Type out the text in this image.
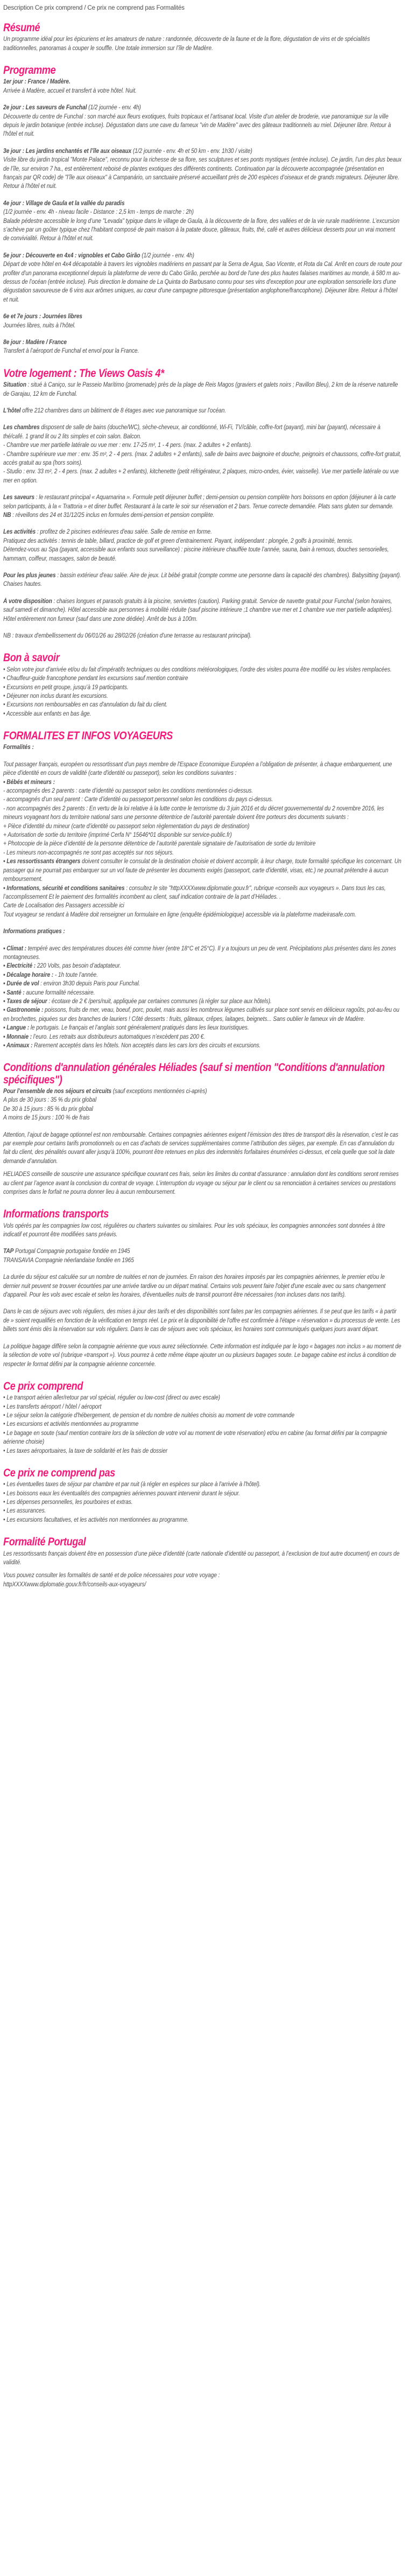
Description Ce prix comprend / Ce prix ne comprend pas Formalités
Résumé

Un programme idéal pour les épicuriens et les amateurs de nature : randonnée, découverte de la faune et de la flore, dégustation de vins et de spécialités traditionnelles, panoramas à couper le souffle. Une totale immersion sur l’île de Madère.

Programme

1er jour : France / Madère.

Arrivée à Madère, accueil et transfert à votre hôtel. Nuit.

2e jour : Les saveurs de Funchal (1/2 journée - env. 4h)

Découverte du centre de Funchal : son marché aux fleurs exotiques, fruits tropicaux et l’artisanat local. Visite d’un atelier de broderie, vue panoramique sur la ville depuis le jardin botanique (entrée incluse). Dégustation dans une cave du fameux "vin de Madère" avec des gâteaux traditionnels au miel. Déjeuner libre. Retour à l'hôtel et nuit.

3e jour : Les jardins enchantés et l’île aux oiseaux (1/2 journée - env. 4h et 50 km - env. 1h30 / visite)

Visite libre du jardin tropical "Monte Palace", reconnu pour la richesse de sa flore, ses sculptures et ses ponts mystiques (entrée incluse). Ce jardin, l’un des plus beaux de l’île, sur environ 7 ha., est entièrement reboisé de plantes exotiques des différents continents. Continuation par la découverte accompagnée (présentation en français par QR code) de "l’île aux oiseaux" à Campanário, un sanctuaire préservé accueillant près de 200 espèces d’oiseaux et de grands migrateurs. Déjeuner libre. Retour à l'hôtel et nuit.

4e jour : Village de Gaula et la vallée du paradis

(1/2 journée - env. 4h - niveau facile - Distance : 2,5 km - temps de marche : 2h)

Balade pédestre accessible le long d’une "Levada" typique dans le village de Gaula, à la découverte de la flore, des vallées et de la vie rurale madérienne. L’excursion s’achève par un goûter typique chez l’habitant composé de pain maison à la patate douce, gâteaux, fruits, thé, café et autres délicieux desserts pour un vrai moment de convivialité. Retour à l'hôtel et nuit.

5e jour : Découverte en 4x4 : vignobles et Cabo Girão (1/2 journée - env. 4h)

Départ de votre hôtel en 4x4 décapotable à travers les vignobles madériens en passant par la Serra de Agua, Sao Vicente, et Rota da Cal. Arrêt en cours de route pour profiter d'un panorama exceptionnel depuis la plateforme de verre du Cabo Girão, perchée au bord de l'une des plus hautes falaises maritimes au monde, à 580 m au-dessus de l’océan (entrée incluse). Puis direction le domaine de La Quinta do Barbusano connu pour ses vins d'exception pour une exploration sensorielle lors d'une dégustation savoureuse de 6 vins aux arômes uniques, au cœur d'une campagne pittoresque (présentation anglophone/francophone). Déjeuner libre. Retour à l'hôtel et nuit.

6e et 7e jours : Journées libres

Journées libres, nuits à l’hôtel.

8e jour : Madère / France

Transfert à l’aéroport de Funchal et envol pour la France.

Votre logement : The Views Oasis 4*

Situation : situé à Caniço, sur le Passeio Marítimo (promenade) près de la plage de Reis Magos (graviers et galets noirs ; Pavillon Bleu), 2 km de la réserve naturelle de Garajau, 12 km de Funchal.

L'hôtel offre 212 chambres dans un bâtiment de 8 étages avec vue panoramique sur l'océan.

Les chambres disposent de salle de bains (douche/WC), sèche-cheveux, air conditionné, Wi-Fi, TV/câble, coffre-fort (payant), mini bar (payant), nécessaire à thé/café. 1 grand lit ou 2 lits simples et coin salon. Balcon.

- Chambre vue mer partielle latérale ou vue mer : env. 17-25 m², 1 - 4 pers. (max. 2 adultes + 2 enfants).

- Chambre supérieure vue mer : env. 35 m², 2 - 4 pers. (max. 2 adultes + 2 enfants), salle de bains avec baignoire et douche, peignoirs et chaussons, coffre-fort gratuit, accès gratuit au spa (hors soins).

- Studio : env. 33 m², 2 - 4 pers. (max. 2 adultes + 2 enfants), kitchenette (petit réfrigérateur, 2 plaques, micro-ondes, évier, vaisselle). Vue mer partielle latérale ou vue mer en option.

Les saveurs : le restaurant principal « Aquamarina ». Formule petit déjeuner buffet ; demi-pension ou pension complète hors boissons en option (déjeuner à la carte selon participants, à la « Trattoria » et diner buffet. Restaurant à la carte le soir sur réservation et 2 bars. Tenue correcte demandée. Plats sans gluten sur demande.

NB : réveillons des 24 et 31/12/25 inclus en formules demi-pension et pension complète.

Les activités : profitez de 2 piscines extérieures d'eau salée. Salle de remise en forme.

Pratiquez des activités : tennis de table, billard, practice de golf et green d’entrainement. Payant, indépendant : plongée, 2 golfs à proximité, tennis.

Détendez-vous au Spa (payant, accessible aux enfants sous surveillance) : piscine intérieure chauffée toute l’année, sauna, bain à remous, douches sensorielles, hammam, coiffeur, massages, salon de beauté.

Pour les plus jeunes : bassin extérieur d'eau salée. Aire de jeux. Lit bébé gratuit (compte comme une personne dans la capacité des chambres). Babysitting (payant). Chaises hautes.

À votre disposition : chaises longues et parasols gratuits à la piscine, serviettes (caution). Parking gratuit. Service de navette gratuit pour Funchal (selon horaires, sauf samedi et dimanche). Hôtel accessible aux personnes à mobilité réduite (sauf piscine intérieure ;1 chambre vue mer et 1 chambre vue mer partielle adaptées). Hôtel entièrement non fumeur (sauf dans une zone dédiée). Arrêt de bus à 100m.

NB : travaux d'embellissement du 06/01/26 au 28/02/26 (création d'une terrasse au restaurant principal).

Bon à savoir

• Selon votre jour d’arrivée et/ou du fait d’impératifs techniques ou des conditions météorologiques, l’ordre des visites pourra être modifié ou les visites remplacées.

• Chauffeur-guide francophone pendant les excursions sauf mention contraire

• Excursions en petit groupe, jusqu’à 19 participants.

• Déjeuner non inclus durant les excursions.

• Excursions non remboursables en cas d'annulation du fait du client.

• Accessible aux enfants en bas âge.

FORMALITES ET INFOS VOYAGEURS

Formalités :

Tout passager français, européen ou ressortissant d'un pays membre de l'Espace Economique Européen a l’obligation de présenter, à chaque embarquement, une pièce d'identité en cours de validité (carte d'identité ou passeport), selon les conditions suivantes :

• Bébés et mineurs :

- accompagnés des 2 parents : carte d’identité ou passeport selon les conditions mentionnées ci-dessus.

- accompagnés d’un seul parent : Carte d’identité ou passeport personnel selon les conditions du pays ci-dessus.

- non accompagnés des 2 parents : En vertu de la loi relative à la lutte contre le terrorisme du 3 juin 2016 et du décret gouvernemental du 2 novembre 2016, les mineurs voyageant hors du territoire national sans une personne détentrice de l’autorité parentale doivent être porteurs des documents suivants :

+ Pièce d’identité du mineur (carte d’identité ou passeport selon règlementation du pays de destination)

+ Autorisation de sortie du territoire (imprimé Cerfa N° 15646*01 disponible sur service-public.fr)

+ Photocopie de la pièce d’identité de la personne détentrice de l’autorité parentale signataire de l’autorisation de sortie du territoire

- Les mineurs non-accompagnés ne sont pas acceptés sur nos séjours.

• Les ressortissants étrangers doivent consulter le consulat de la destination choisie et doivent accomplir, à leur charge, toute formalité spécifique les concernant. Un passager qui ne pourrait pas embarquer sur un vol faute de présenter les documents exigés (passeport, carte d'identité, visas, etc.) ne pourrait prétendre à aucun remboursement.

• Informations, sécurité et conditions sanitaires : consultez le site "httpXXXXwww.diplomatie.gouv.fr", rubrique «conseils aux voyageurs ». Dans tous les cas, l’accomplissement Et le paiement des formalités incombent au client, sauf indication contraire de la part d’Héliades. .

Carte de Localisation des Passagers accessible ici

Tout voyageur se rendant à Madère doit renseigner un formulaire en ligne (enquête épidémiologique) accessible via la plateforme madeirasafe.com.

Informations pratiques :

• Climat : tempéré avec des températures douces été comme hiver (entre 18°C et 25°C). Il y a toujours un peu de vent. Précipitations plus présentes dans les zones montagneuses.

• Electricité : 220 Volts, pas besoin d’adaptateur.

• Décalage horaire : - 1h toute l’année.

• Durée de vol : environ 3h30 depuis Paris pour Funchal.

• Santé : aucune formalité nécessaire.

• Taxes de séjour : écotaxe de 2 € /pers/nuit, appliquée par certaines communes (à régler sur place aux hôtels).

• Gastronomie : poissons, fruits de mer, veau, boeuf, porc, poulet, mais aussi les nombreux légumes cultivés sur place sont servis en délicieux ragoûts, pot-au-feu ou en brochettes, piquées sur des branches de lauriers ! Côté desserts : fruits, gâteaux, crêpes, laitages, beignets... Sans oublier le fameux vin de Madère.

• Langue : le portugais. Le français et l’anglais sont généralement pratiqués dans les lieux touristiques.

• Monnaie : l’euro. Les retraits aux distributeurs automatiques n’excèdent pas 200 €.

• Animaux : Rarement acceptés dans les hôtels. Non acceptés dans les cars lors des circuits et excursions.

Conditions d'annulation générales Héliades (sauf si mention "Conditions d'annulation spécifiques")

Pour l’ensemble de nos séjours et circuits (sauf exceptions mentionnées ci-après)

A plus de 30 jours : 35 % du prix global

De 30 à 15 jours : 85 % du prix global

A moins de 15 jours : 100 % de frais

Attention, l’ajout de bagage optionnel est non remboursable. Certaines compagnies aériennes exigent l’émission des titres de transport dès la réservation, c’est le cas par exemple pour certains tarifs promotionnels ou en cas d’achats de services supplémentaires comme l’attribution des sièges, par exemple. En cas d’annulation du fait du client, des pénalités ouvant aller jusqu’à 100%, pourront être retenues en plus des indemnités forfaitaires énumérées ci-dessus, et cela quelle que soit la date demande d’annulation.

HELIADES conseille de souscrire une assurance spécifique couvrant ces frais, selon les limites du contrat d’assurance : annulation dont les conditions seront remises au client par l’agence avant la conclusion du contrat de voyage. L’interruption du voyage ou séjour par le client ou sa renonciation à certaines services ou prestations comprises dans le forfait ne pourra donner lieu à aucun remboursement.

Informations transports

Vols opérés par les compagnies low cost, régulières ou charters suivantes ou similaires. Pour les vols spéciaux, les compagnies annoncées sont données à titre indicatif et pourront être modifiées sans préavis.

TAP Portugal Compagnie portugaise fondée en 1945

TRANSAVIA Compagnie néerlandaise fondée en 1965

La durée du séjour est calculée sur un nombre de nuitées et non de journées. En raison des horaires imposés par les compagnies aériennes, le premier et/ou le dernier nuit peuvent se trouver écourtées par une arrivée tardive ou un départ matinal. Certains vols peuvent faire l'objet d'une escale avec ou sans changement d'appareil. Pour les vols avec escale et selon les horaires, d'éventuelles nuits de transit pourront être nécessaires (non incluses dans nos tarifs).

Dans le cas de séjours avec vols réguliers, des mises à jour des tarifs et des disponibilités sont faites par les compagnies aériennes. Il se peut que les tarifs « à partir de » soient requalifiés en fonction de la vérification en temps réel. Le prix et la disponibilité de l'offre est confirmée à l'étape « réservation » du processus de vente. Les billets sont émis dès la réservation sur vols réguliers. Dans le cas de séjours avec vols spéciaux, les horaires sont communiqués quelques jours avant départ.

La politique bagage diffère selon la compagnie aérienne que vous aurez sélectionnée. Cette information est indiquée par le logo « bagages non inclus » au moment de la sélection de votre vol (rubrique «transport »). Vous pourrez à cette même étape ajouter un ou plusieurs bagages soute. Le bagage cabine est inclus à condition de respecter le format défini par la compagnie aérienne concernée.

Ce prix comprend

• Le transport aérien aller/retour par vol spécial, régulier ou low-cost (direct ou avec escale)

• Les transferts aéroport / hôtel / aéroport

• Le séjour selon la catégorie d'hébergement, de pension et du nombre de nuitées choisis au moment de votre commande

• Les excursions et activités mentionnées au programme

• Le bagage en soute (sauf mention contraire lors de la sélection de votre vol au moment de votre réservation) et/ou en cabine (au format défini par la compagnie aérienne choisie)

• Les taxes aéroportuaires, la taxe de solidarité et les frais de dossier

Ce prix ne comprend pas

• Les éventuelles taxes de séjour par chambre et par nuit (à régler en espèces sur place à l'arrivée à l'hôtel).

• Les boissons eaux les éventualités des compagnies aériennes pouvant intervenir durant le séjour.

• Les dépenses personnelles, les pourboires et extras.

• Les assurances.

• Les excursions facultatives, et les activités non mentionnées au programme.

Formalité Portugal

Les ressortissants français doivent être en possession d’une pièce d’identité (carte nationale d’identité ou passeport, à l’exclusion de tout autre document) en cours de validité.

Vous pouvez consulter les formalités de santé et de police nécessaires pour votre voyage :

httpXXXXwww.diplomatie.gouv.fr/fr/conseils-aux-voyageurs/
